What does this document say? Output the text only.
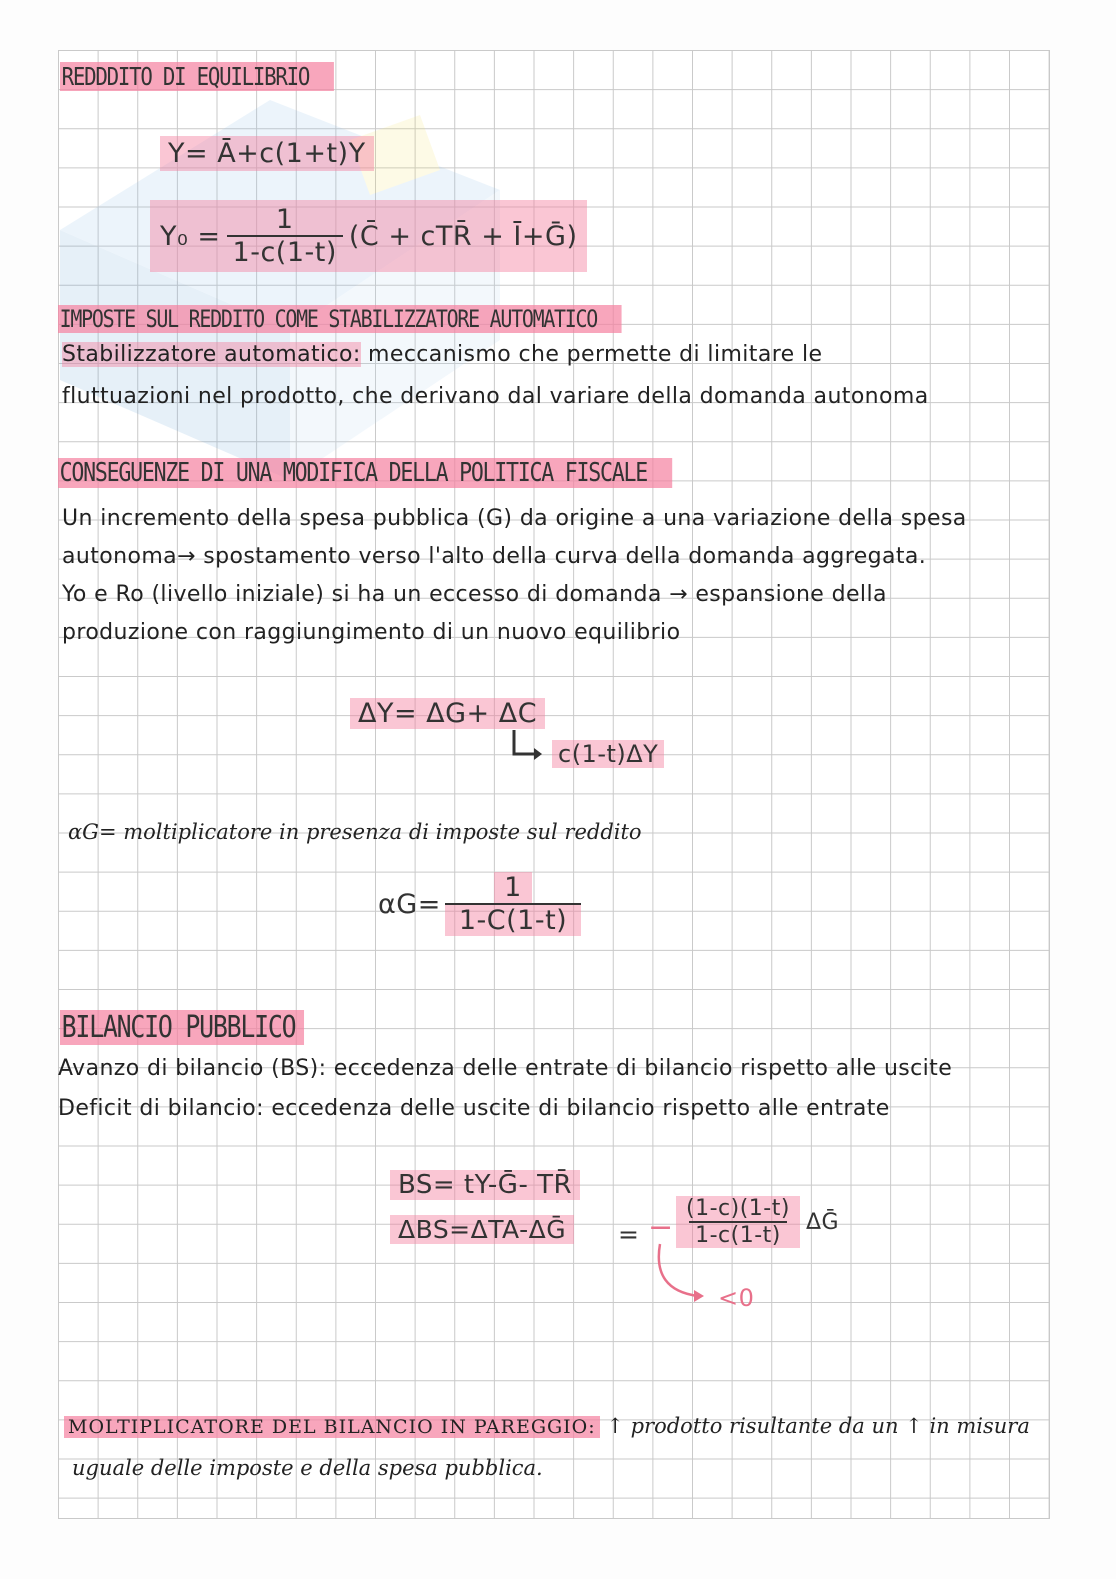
REDDDITO DI EQUILIBRIO
Y= Ā+c(1+t)Y
$Y_0 = \frac{1}{1-c(1-t)}$ (C̄ + cTR̄ + Ī+Ḡ)
IMPOSTE SUL REDDITO COME STABILIZZATORE AUTOMATICO
Stabilizzatore automatico: meccanismo che permette di limitare le
fluttuazioni nel prodotto, che derivano dal variare della domanda autonoma
CONSEGUENZE DI UNA MODIFICA DELLA POLITICA FISCALE
Un incremento della spesa pubblica (G) da origine a una variazione della spesa
autonoma→ spostamento verso l'alto della curva della domanda aggregata.
Yo e Ro (livello iniziale) si ha un eccesso di domanda → espansione della
produzione con raggiungimento di un nuovo equilibrio
ΔY= ΔG+ ΔC
c(1-t)ΔY
αG= moltiplicatore in presenza di imposte sul reddito
$\alpha G= \frac{1}{1-C(1-t)}$
BILANCIO PUBBLICO
Avanzo di bilancio (BS): eccedenza delle entrate di bilancio rispetto alle uscite
Deficit di bilancio: eccedenza delle uscite di bilancio rispetto alle entrate
BS= tY-Ḡ- TR̄
ΔBS=ΔTA-ΔḠ	= − $\frac{(1-c)(1-t)}{1-c(1-t)}$ ΔḠ
<0
MOLTIPLICATORE DEL BILANCIO IN PAREGGIO: ↑ prodotto risultante da un ↑ in misura
uguale delle imposte e della spesa pubblica.
